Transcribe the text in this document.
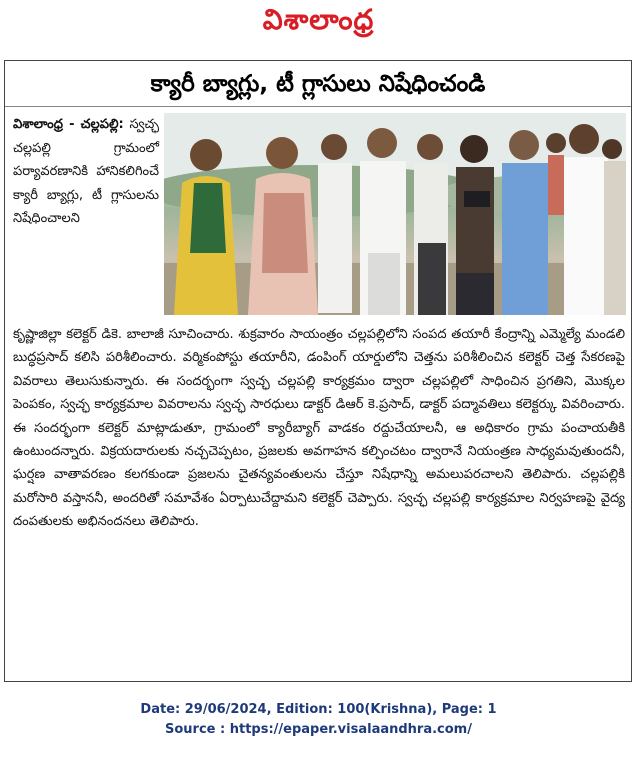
విశాలాంధ్ర
క్యారీ బ్యాగ్లు, టీ గ్లాసులు నిషేధించండి
విశాలాంధ్ర - చల్లపల్లి: స్వచ్ఛ చల్లపల్లి గ్రామంలో పర్యావరణానికి హానికలిగించే క్యారీ బ్యాగ్లు, టీ గ్లాసులను నిషేధించాలని

కృష్ణాజిల్లా కలెక్టర్ డికె. బాలాజీ సూచించారు. శుక్రవారం సాయంత్రం చల్లపల్లిలోని సంపద తయారీ కేంద్రాన్ని ఎమ్మెల్యే మండలి బుద్ధప్రసాద్ కలిసి పరిశీలించారు. వర్మికంపోస్టు తయారీని, డంపింగ్ యార్డులోని చెత్తను పరిశీలించిన కలెక్టర్ చెత్త సేకరణపై వివరాలు తెలుసుకున్నారు. ఈ సందర్భంగా స్వచ్ఛ చల్లపల్లి కార్యక్రమం ద్వారా చల్లపల్లిలో సాధించిన ప్రగతిని, మొక్కల పెంపకం, స్వచ్ఛ కార్యక్రమాల వివరాలను స్వచ్ఛ సారధులు డాక్టర్ డిఆర్ కె.ప్రసాద్, డాక్టర్ పద్మావతిలు కలెక్టర్కు వివరించారు. ఈ సందర్భంగా కలెక్టర్ మాట్లాడుతూ, గ్రామంలో క్యారీబ్యాగ్ వాడకం రద్దుచేయాలనీ, ఆ అధికారం గ్రామ పంచాయతీకి ఉంటుందన్నారు. విక్రయదారులకు నచ్చచెప్పటం, ప్రజలకు అవగాహన కల్పించటం ద్వారానే నియంత్రణ సాధ్యమవుతుందనీ, ఘర్షణ వాతావరణం కలగకుండా ప్రజలను చైతన్యవంతులను చేస్తూ నిషేధాన్ని అమలుపరచాలని తెలిపారు. చల్లపల్లికి మరోసారి వస్తాననీ, అందరితో సమావేశం ఏర్పాటుచేద్దామని కలెక్టర్ చెప్పారు. స్వచ్ఛ చల్లపల్లి కార్యక్రమాల నిర్వహణపై వైద్య దంపతులకు అభినందనలు తెలిపారు.

Date: 29/06/2024, Edition: 100(Krishna), Page: 1
Source : https://epaper.visalaandhra.com/
